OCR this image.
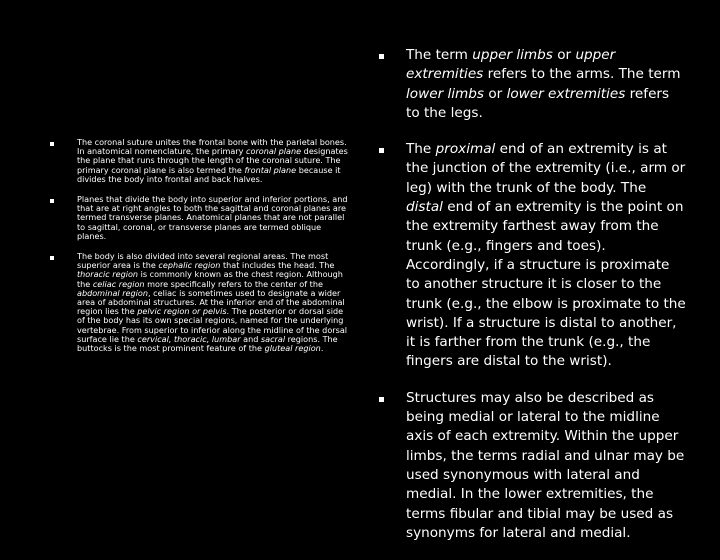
The coronal suture unites the frontal bone with the parietal bones. In anatomical nomenclature, the primary coronal plane designates the plane that runs through the length of the coronal suture. The primary coronal plane is also termed the frontal plane because it divides the body into frontal and back halves.
Planes that divide the body into superior and inferior portions, and that are at right angles to both the sagittal and coronal planes are termed transverse planes. Anatomical planes that are not parallel to sagittal, coronal, or transverse planes are termed oblique planes.
The body is also divided into several regional areas. The most superior area is the cephalic region that includes the head. The thoracic region is commonly known as the chest region. Although the celiac region more specifically refers to the center of the abdominal region, celiac is sometimes used to designate a wider area of abdominal structures. At the inferior end of the abdominal region lies the pelvic region or pelvis. The posterior or dorsal side of the body has its own special regions, named for the underlying vertebrae. From superior to inferior along the midline of the dorsal surface lie the cervical, thoracic, lumbar and sacral regions. The buttocks is the most prominent feature of the gluteal region.
The term upper limbs or upper extremities refers to the arms. The term lower limbs or lower extremities refers to the legs.
The proximal end of an extremity is at the junction of the extremity (i.e., arm or leg) with the trunk of the body. The distal end of an extremity is the point on the extremity farthest away from the trunk (e.g., fingers and toes). Accordingly, if a structure is proximate to another structure it is closer to the trunk (e.g., the elbow is proximate to the wrist). If a structure is distal to another, it is farther from the trunk (e.g., the fingers are distal to the wrist).
Structures may also be described as being medial or lateral to the midline axis of each extremity. Within the upper limbs, the terms radial and ulnar may be used synonymous with lateral and medial. In the lower extremities, the terms fibular and tibial may be used as synonyms for lateral and medial.
